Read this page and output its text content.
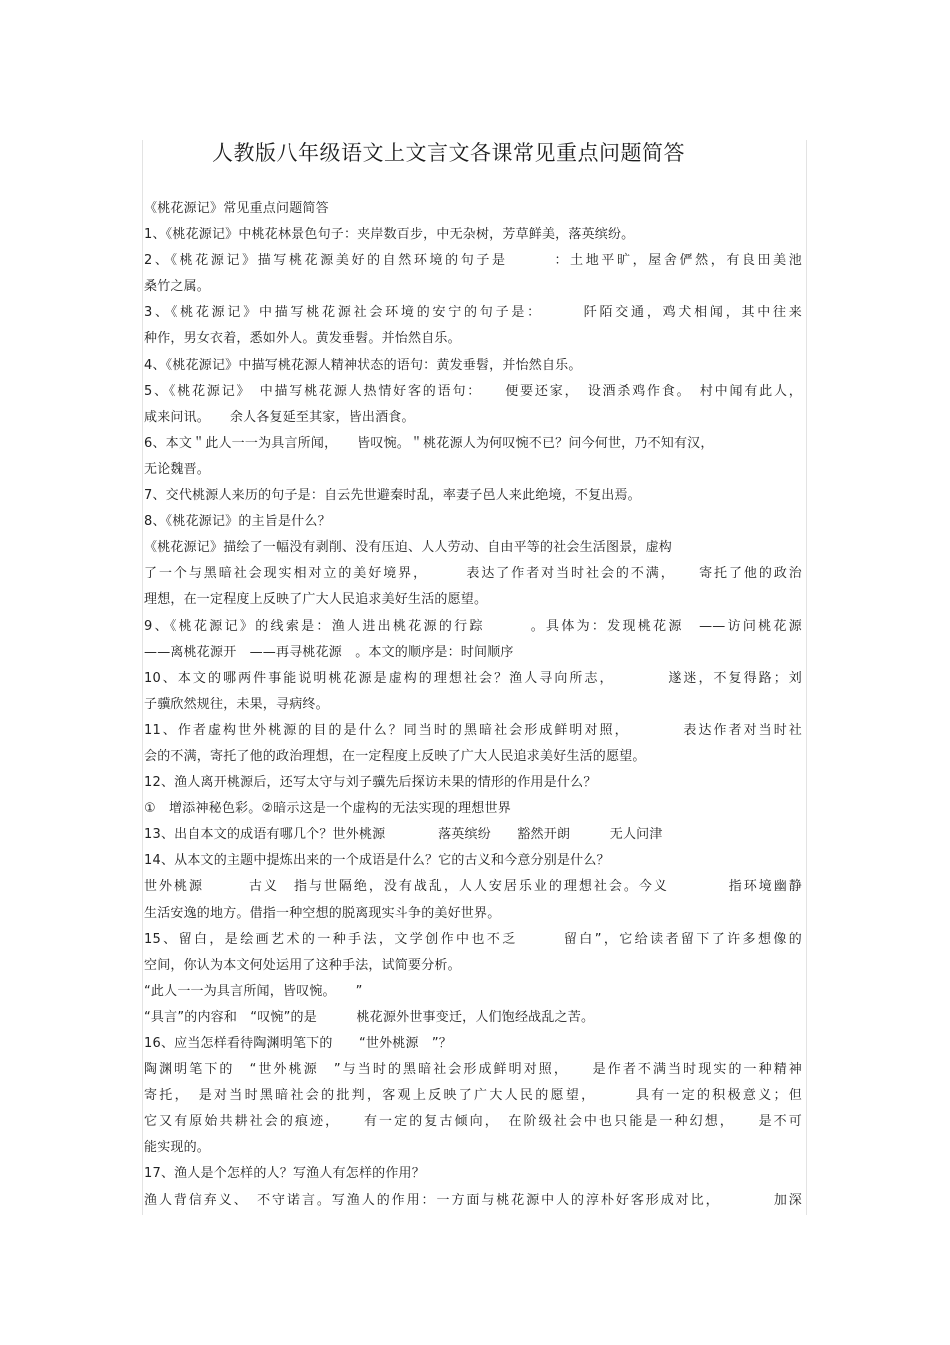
人教版八年级语文上文言文各课常见重点问题简答
《桃花源记》常见重点问题简答
1、《桃花源记》中桃花林景色句子：夹岸数百步，中无杂树，芳草鲜美，落英缤纷。
2、《桃花源记》描写桃花源美好的自然环境的句子是　　　：土地平旷，屋舍俨然，有良田美池
桑竹之属。
3、《桃花源记》中描写桃花源社会环境的安宁的句子是：　　　阡陌交通，鸡犬相闻，其中往来
种作，男女衣着，悉如外人。黄发垂髫。并怡然自乐。
4、《桃花源记》中描写桃花源人精神状态的语句：黄发垂髫，并怡然自乐。
5、《桃花源记》　中描写桃花源人热情好客的语句：　　便要还家，　设酒杀鸡作食。　村中闻有此人，
咸来问讯。　　余人各复延至其家，皆出酒食。
6、本文＂此人一一为具言所闻，　　皆叹惋。＂桃花源人为何叹惋不已？问今何世，乃不知有汉，
无论魏晋。
7、交代桃源人来历的句子是：自云先世避秦时乱，率妻子邑人来此绝境，不复出焉。
8、《桃花源记》的主旨是什么？
《桃花源记》描绘了一幅没有剥削、没有压迫、人人劳动、自由平等的社会生活图景，虚构
了一个与黑暗社会现实相对立的美好境界，　　　表达了作者对当时社会的不满，　　寄托了他的政治
理想，在一定程度上反映了广大人民追求美好生活的愿望。
9、《桃花源记》的线索是：渔人进出桃花源的行踪　　　。具体为：发现桃花源　——访问桃花源
——离桃花源开　——再寻桃花源　。本文的顺序是：时间顺序
10、本文的哪两件事能说明桃花源是虚构的理想社会？渔人寻向所志，　　　　遂迷，不复得路；刘
子骥欣然规往，未果，寻病终。
11、作者虚构世外桃源的目的是什么？同当时的黑暗社会形成鲜明对照，　　　　表达作者对当时社
会的不满，寄托了他的政治理想，在一定程度上反映了广大人民追求美好生活的愿望。
12、渔人离开桃源后，还写太守与刘子骥先后探访未果的情形的作用是什么？
①　增添神秘色彩。②暗示这是一个虚构的无法实现的理想世界
13、出自本文的成语有哪几个？世外桃源　　　　落英缤纷　　豁然开朗　　　无人问津
14、从本文的主题中提炼出来的一个成语是什么？它的古义和今意分别是什么？
世外桃源　　　古义　指与世隔绝，没有战乱，人人安居乐业的理想社会。今义　　　　指环境幽静
生活安逸的地方。借指一种空想的脱离现实斗争的美好世界。
15、留白，是绘画艺术的一种手法，文学创作中也不乏　　　留白”，它给读者留下了许多想像的
空间，你认为本文何处运用了这种手法，试简要分析。
“此人一一为具言所闻，皆叹惋。　　”
“具言”的内容和　“叹惋”的是　　　桃花源外世事变迁，人们饱经战乱之苦。
16、应当怎样看待陶渊明笔下的　　“世外桃源　”？
陶渊明笔下的　“世外桃源　”与当时的黑暗社会形成鲜明对照，　　是作者不满当时现实的一种精神
寄托，　是对当时黑暗社会的批判，客观上反映了广大人民的愿望，　　　具有一定的积极意义；但
它又有原始共耕社会的痕迹，　　有一定的复古倾向，　在阶级社会中也只能是一种幻想，　　是不可
能实现的。
17、渔人是个怎样的人？写渔人有怎样的作用？
渔人背信弃义、　不守诺言。写渔人的作用：一方面与桃花源中人的淳朴好客形成对比，　　　　加深
